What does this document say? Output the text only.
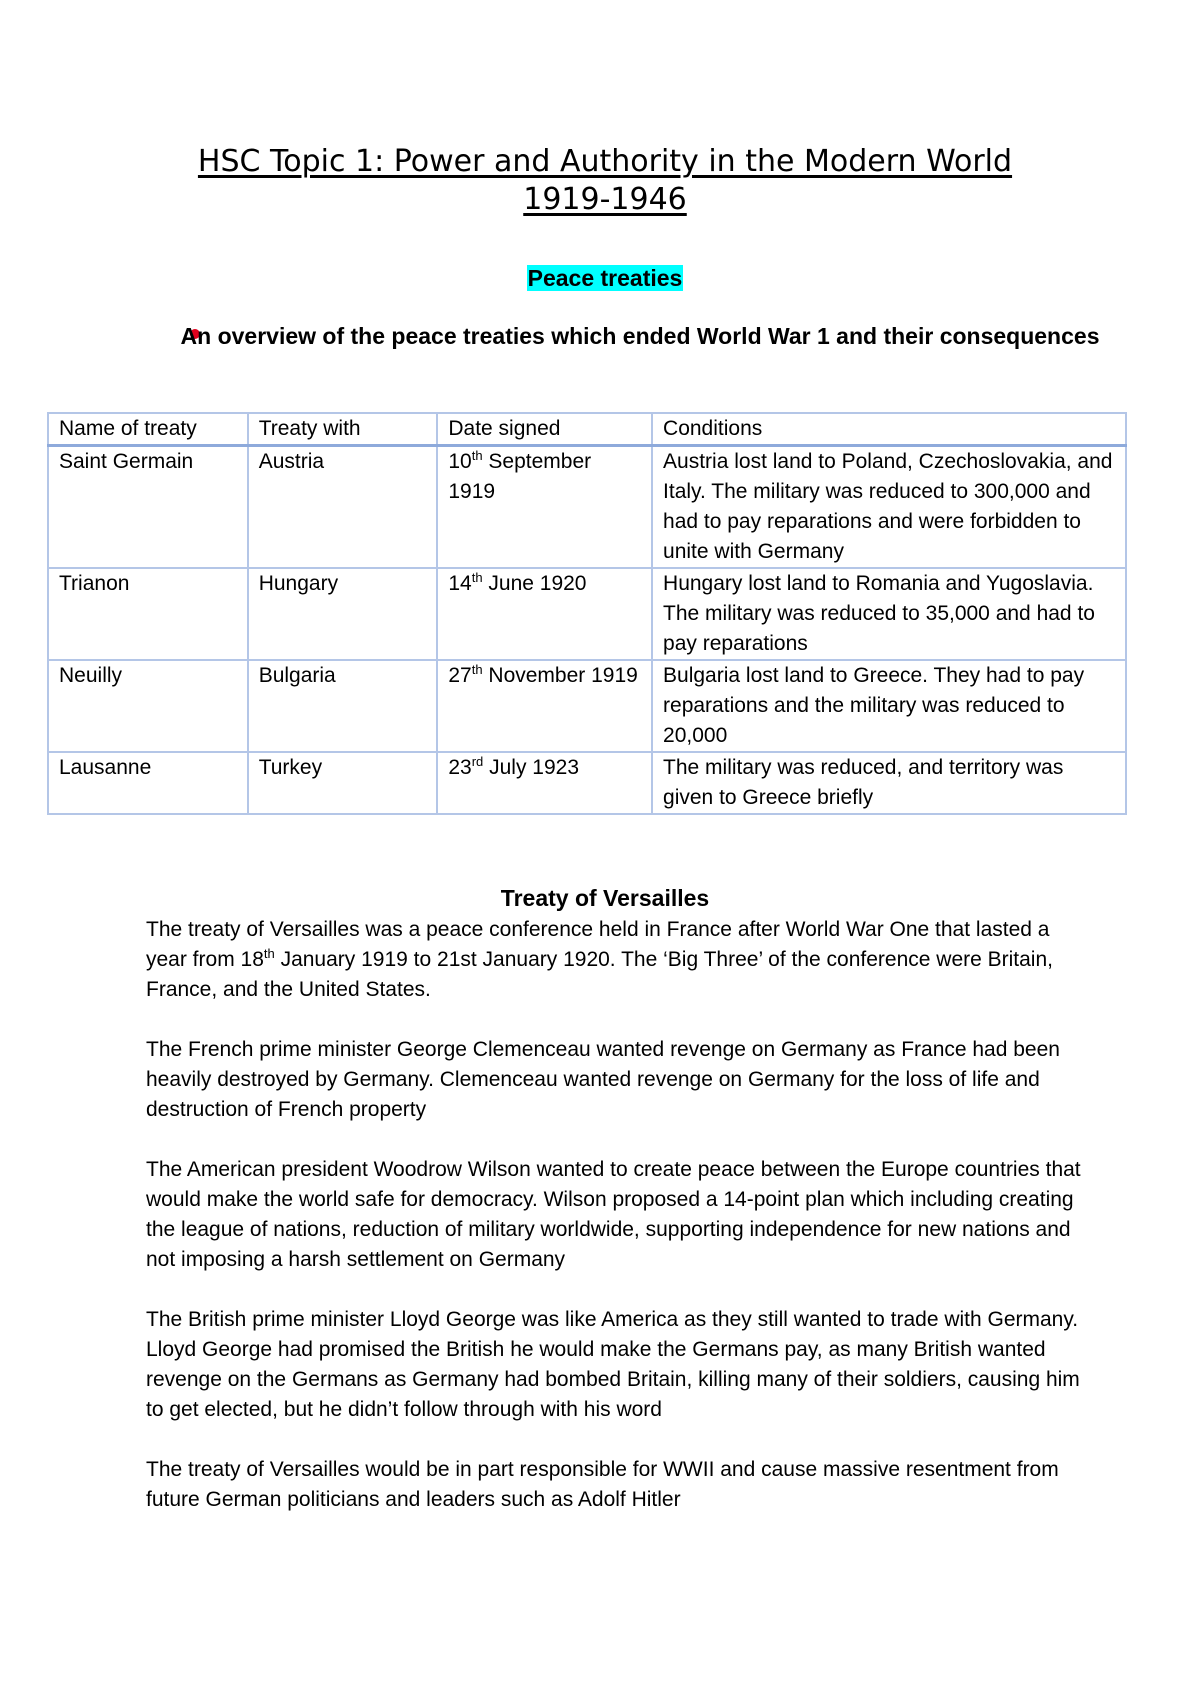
HSC Topic 1: Power and Authority in the Modern World
1919-1946
Peace treaties
An overview of the peace treaties which ended World War 1 and their consequences
Name of treaty	Treaty with	Date signed	Conditions
Saint Germain	Austria	10th September 1919	Austria lost land to Poland, Czechoslovakia, and Italy. The military was reduced to 300,000 and had to pay reparations and were forbidden to unite with Germany
Trianon	Hungary	14th June 1920	Hungary lost land to Romania and Yugoslavia. The military was reduced to 35,000 and had to pay reparations
Neuilly	Bulgaria	27th November 1919	Bulgaria lost land to Greece. They had to pay reparations and the military was reduced to 20,000
Lausanne	Turkey	23rd July 1923	The military was reduced, and territory was given to Greece briefly
Treaty of Versailles

The treaty of Versailles was a peace conference held in France after World War One that lasted a year from 18th January 1919 to 21st January 1920. The ‘Big Three’ of the conference were Britain, France, and the United States.

The French prime minister George Clemenceau wanted revenge on Germany as France had been heavily destroyed by Germany. Clemenceau wanted revenge on Germany for the loss of life and destruction of French property

The American president Woodrow Wilson wanted to create peace between the Europe countries that would make the world safe for democracy. Wilson proposed a 14-point plan which including creating the league of nations, reduction of military worldwide, supporting independence for new nations and not imposing a harsh settlement on Germany

The British prime minister Lloyd George was like America as they still wanted to trade with Germany. Lloyd George had promised the British he would make the Germans pay, as many British wanted revenge on the Germans as Germany had bombed Britain, killing many of their soldiers, causing him to get elected, but he didn’t follow through with his word

The treaty of Versailles would be in part responsible for WWII and cause massive resentment from future German politicians and leaders such as Adolf Hitler
